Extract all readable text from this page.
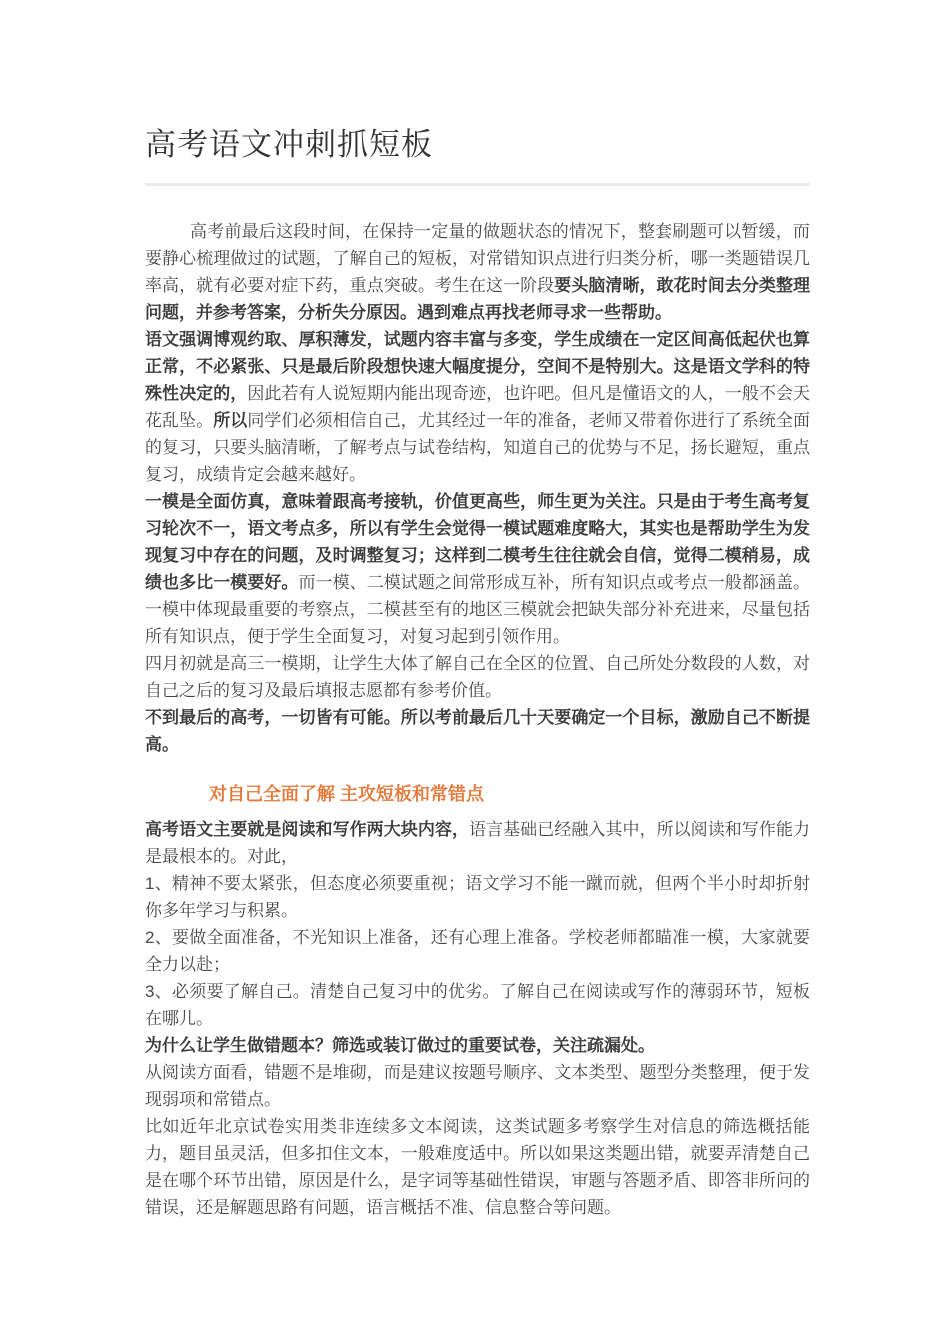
高考语文冲刺抓短板
高考前最后这段时间，在保持一定量的做题状态的情况下，整套刷题可以暂缓，而要静心梳理做过的试题，了解自己的短板，对常错知识点进行归类分析，哪一类题错误几率高，就有必要对症下药，重点突破。考生在这一阶段要头脑清晰，敢花时间去分类整理问题，并参考答案，分析失分原因。遇到难点再找老师寻求一些帮助。
语文强调博观约取、厚积薄发，试题内容丰富与多变，学生成绩在一定区间高低起伏也算正常，不必紧张、只是最后阶段想快速大幅度提分，空间不是特别大。这是语文学科的特殊性决定的，因此若有人说短期内能出现奇迹，也许吧。但凡是懂语文的人，一般不会天花乱坠。所以同学们必须相信自己，尤其经过一年的准备，老师又带着你进行了系统全面的复习，只要头脑清晰，了解考点与试卷结构，知道自己的优势与不足，扬长避短，重点复习，成绩肯定会越来越好。
一模是全面仿真，意味着跟高考接轨，价值更高些，师生更为关注。只是由于考生高考复习轮次不一，语文考点多，所以有学生会觉得一模试题难度略大，其实也是帮助学生为发现复习中存在的问题，及时调整复习；这样到二模考生往往就会自信，觉得二模稍易，成绩也多比一模要好。而一模、二模试题之间常形成互补，所有知识点或考点一般都涵盖。一模中体现最重要的考察点，二模甚至有的地区三模就会把缺失部分补充进来，尽量包括所有知识点，便于学生全面复习，对复习起到引领作用。
四月初就是高三一模期，让学生大体了解自己在全区的位置、自己所处分数段的人数，对自己之后的复习及最后填报志愿都有参考价值。
不到最后的高考，一切皆有可能。所以考前最后几十天要确定一个目标，激励自己不断提高。
对自己全面了解 主攻短板和常错点
高考语文主要就是阅读和写作两大块内容，语言基础已经融入其中，所以阅读和写作能力是最根本的。对此，
1、精神不要太紧张，但态度必须要重视；语文学习不能一蹴而就，但两个半小时却折射你多年学习与积累。
2、要做全面准备，不光知识上准备，还有心理上准备。学校老师都瞄准一模，大家就要全力以赴；
3、必须要了解自己。清楚自己复习中的优劣。了解自己在阅读或写作的薄弱环节，短板在哪儿。
为什么让学生做错题本？筛选或装订做过的重要试卷，关注疏漏处。
从阅读方面看，错题不是堆砌，而是建议按题号顺序、文本类型、题型分类整理，便于发现弱项和常错点。
比如近年北京试卷实用类非连续多文本阅读，这类试题多考察学生对信息的筛选概括能力，题目虽灵活，但多扣住文本，一般难度适中。所以如果这类题出错，就要弄清楚自己是在哪个环节出错，原因是什么，是字词等基础性错误，审题与答题矛盾、即答非所问的错误，还是解题思路有问题，语言概括不准、信息整合等问题。
